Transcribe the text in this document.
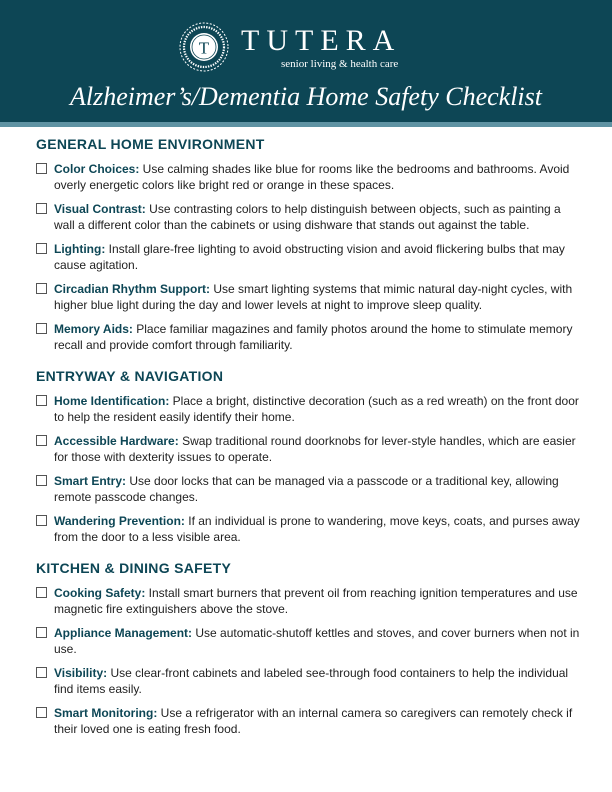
T TUTERA
senior living & health care
Alzheimer’s/Dementia Home Safety Checklist
GENERAL HOME ENVIRONMENT
Color Choices: Use calming shades like blue for rooms like the bedrooms and bathrooms. Avoid overly energetic colors like bright red or orange in these spaces.
Visual Contrast: Use contrasting colors to help distinguish between objects, such as painting a wall a different color than the cabinets or using dishware that stands out against the table.
Lighting: Install glare-free lighting to avoid obstructing vision and avoid flickering bulbs that may cause agitation.
Circadian Rhythm Support: Use smart lighting systems that mimic natural day-night cycles, with higher blue light during the day and lower levels at night to improve sleep quality.
Memory Aids: Place familiar magazines and family photos around the home to stimulate memory recall and provide comfort through familiarity.
ENTRYWAY & NAVIGATION
Home Identification: Place a bright, distinctive decoration (such as a red wreath) on the front door to help the resident easily identify their home.
Accessible Hardware: Swap traditional round doorknobs for lever-style handles, which are easier for those with dexterity issues to operate.
Smart Entry: Use door locks that can be managed via a passcode or a traditional key, allowing remote passcode changes.
Wandering Prevention: If an individual is prone to wandering, move keys, coats, and purses away from the door to a less visible area.
KITCHEN & DINING SAFETY
Cooking Safety: Install smart burners that prevent oil from reaching ignition temperatures and use magnetic fire extinguishers above the stove.
Appliance Management: Use automatic-shutoff kettles and stoves, and cover burners when not in use.
Visibility: Use clear-front cabinets and labeled see-through food containers to help the individual find items easily.
Smart Monitoring: Use a refrigerator with an internal camera so caregivers can remotely check if their loved one is eating fresh food.
